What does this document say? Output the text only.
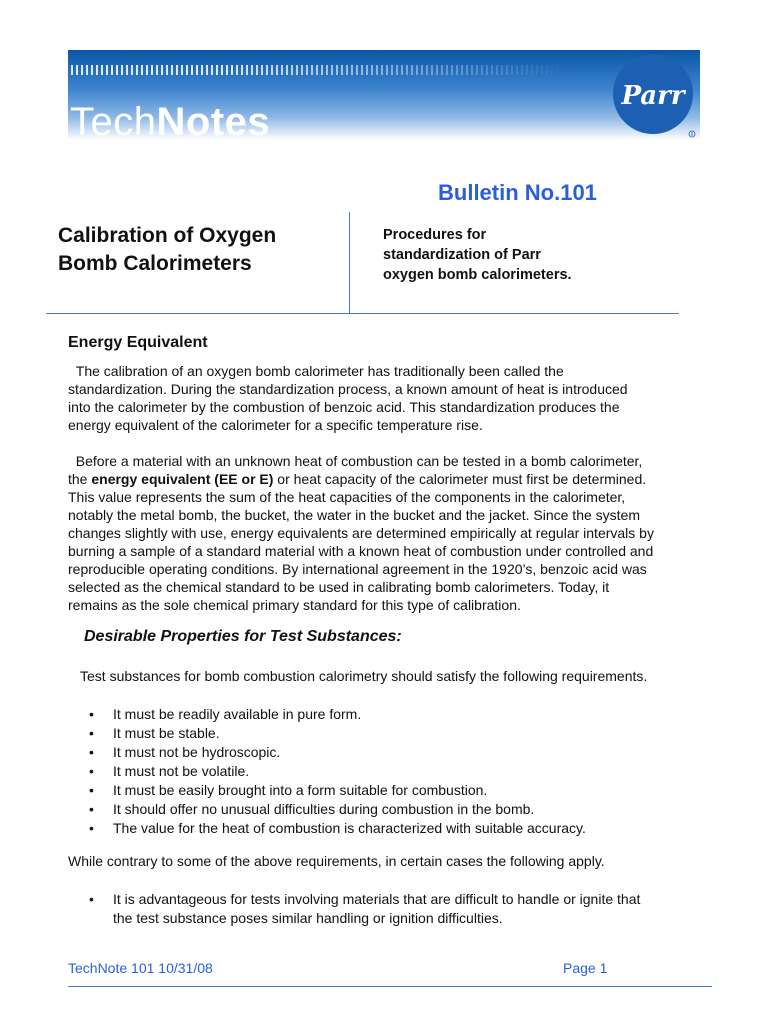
TechNotes
Parr
R
Bulletin No.101
Calibration of Oxygen
Bomb Calorimeters
Procedures for
standardization of Parr
oxygen bomb calorimeters.
Energy Equivalent
The calibration of an oxygen bomb calorimeter has traditionally been called the
standardization. During the standardization process, a known amount of heat is introduced
into the calorimeter by the combustion of benzoic acid. This standardization produces the
energy equivalent of the calorimeter for a specific temperature rise.
Before a material with an unknown heat of combustion can be tested in a bomb calorimeter,
the energy equivalent (EE or E) or heat capacity of the calorimeter must first be determined.
This value represents the sum of the heat capacities of the components in the calorimeter,
notably the metal bomb, the bucket, the water in the bucket and the jacket. Since the system
changes slightly with use, energy equivalents are determined empirically at regular intervals by
burning a sample of a standard material with a known heat of combustion under controlled and
reproducible operating conditions. By international agreement in the 1920’s, benzoic acid was
selected as the chemical standard to be used in calibrating bomb calorimeters. Today, it
remains as the sole chemical primary standard for this type of calibration.
Desirable Properties for Test Substances:
Test substances for bomb combustion calorimetry should satisfy the following requirements.
• It must be readily available in pure form.
• It must be stable.
• It must not be hydroscopic.
• It must not be volatile.
• It must be easily brought into a form suitable for combustion.
• It should offer no unusual difficulties during combustion in the bomb.
• The value for the heat of combustion is characterized with suitable accuracy.
While contrary to some of the above requirements, in certain cases the following apply.
• It is advantageous for tests involving materials that are difficult to handle or ignite that
the test substance poses similar handling or ignition difficulties.
TechNote 101 10/31/08	Page 1
